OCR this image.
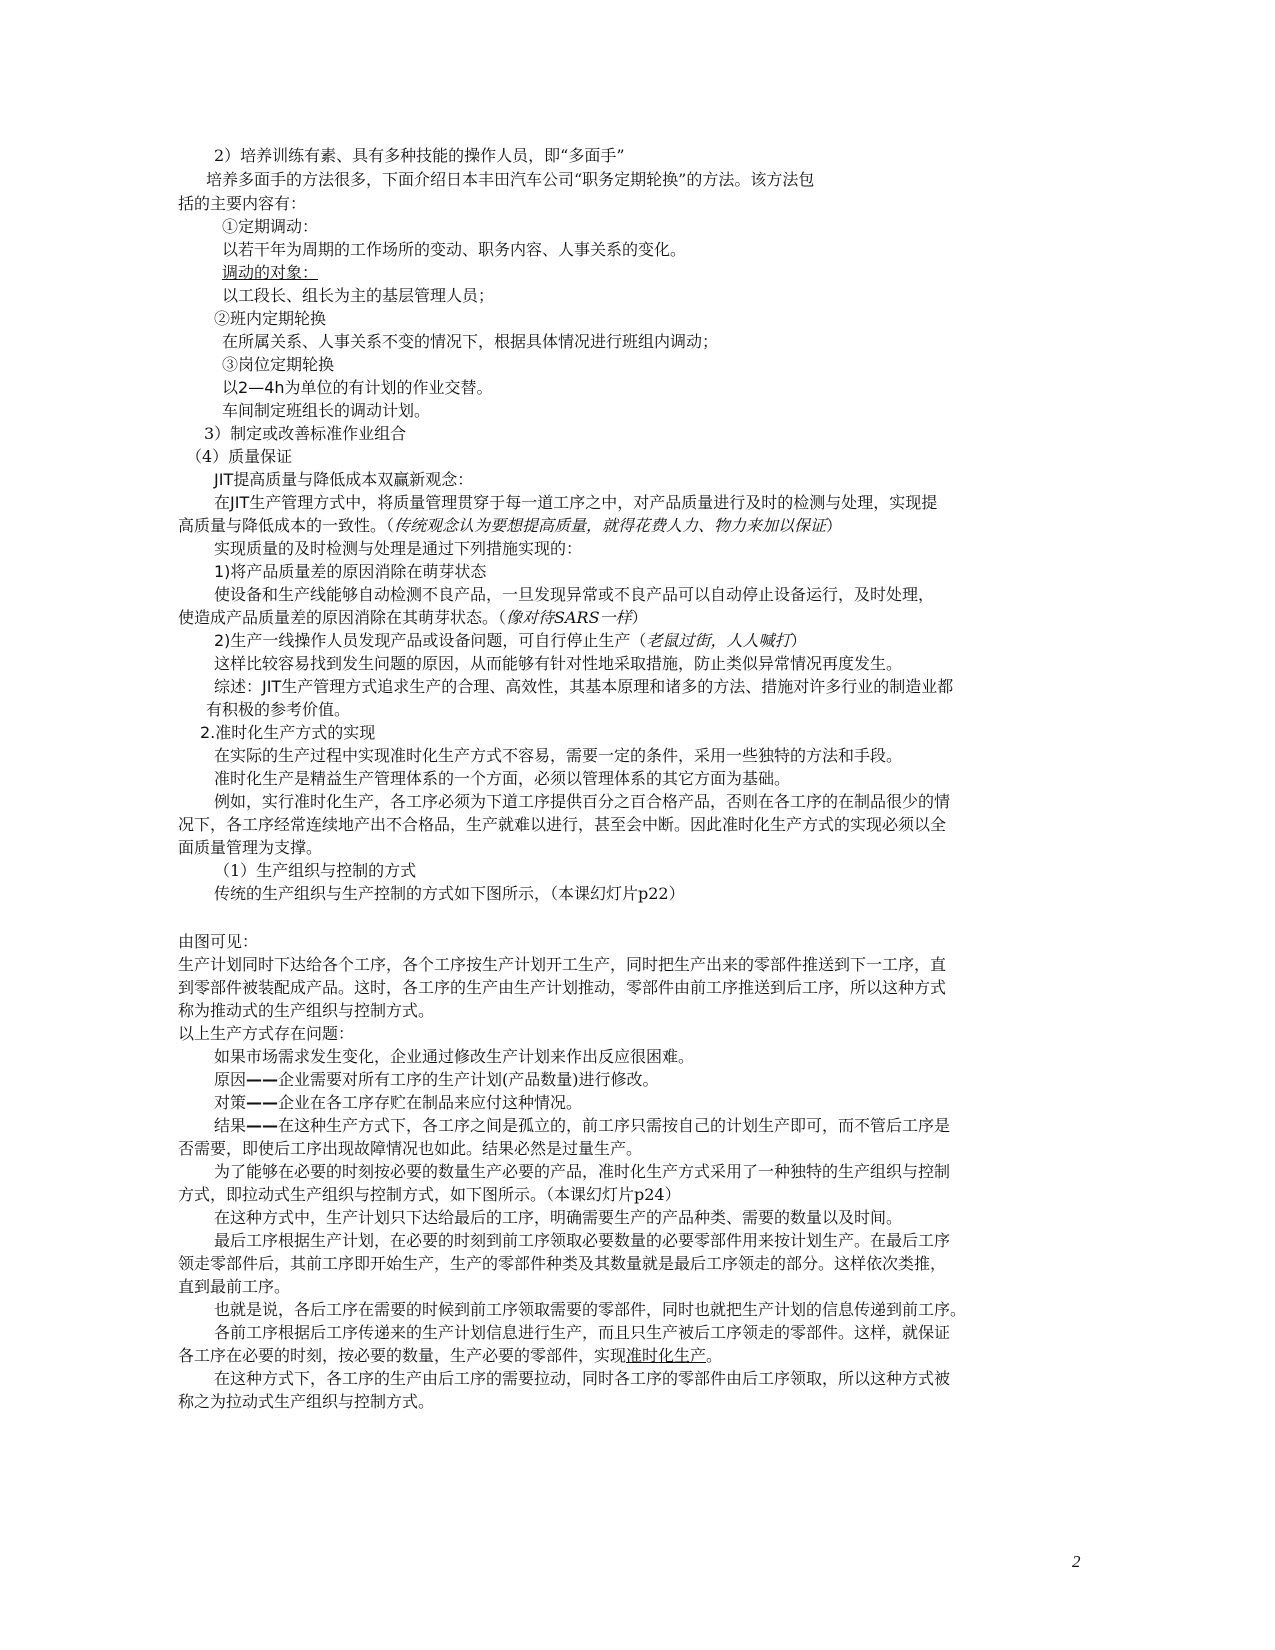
2）培养训练有素、具有多种技能的操作人员，即“多面手”
培养多面手的方法很多，下面介绍日本丰田汽车公司“职务定期轮换”的方法。该方法包
括的主要内容有：
①定期调动：
以若干年为周期的工作场所的变动、职务内容、人事关系的变化。
调动的对象：
以工段长、组长为主的基层管理人员；
②班内定期轮换
在所属关系、人事关系不变的情况下，根据具体情况进行班组内调动；
③岗位定期轮换
以2—4h为单位的有计划的作业交替。
车间制定班组长的调动计划。
3）制定或改善标准作业组合
（4）质量保证
JIT提高质量与降低成本双赢新观念：
在JIT生产管理方式中，将质量管理贯穿于每一道工序之中，对产品质量进行及时的检测与处理，实现提
高质量与降低成本的一致性。（传统观念认为要想提高质量，就得花费人力、物力来加以保证）
实现质量的及时检测与处理是通过下列措施实现的：
1)将产品质量差的原因消除在萌芽状态
使设备和生产线能够自动检测不良产品，一旦发现异常或不良产品可以自动停止设备运行，及时处理，
使造成产品质量差的原因消除在其萌芽状态。（像对待SARS一样）
2)生产一线操作人员发现产品或设备问题，可自行停止生产（老鼠过街，人人喊打）
这样比较容易找到发生问题的原因，从而能够有针对性地采取措施，防止类似异常情况再度发生。
综述：JIT生产管理方式追求生产的合理、高效性，其基本原理和诸多的方法、措施对许多行业的制造业都
有积极的参考价值。
2.准时化生产方式的实现
在实际的生产过程中实现准时化生产方式不容易，需要一定的条件，采用一些独特的方法和手段。
准时化生产是精益生产管理体系的一个方面，必须以管理体系的其它方面为基础。
例如，实行准时化生产，各工序必须为下道工序提供百分之百合格产品，否则在各工序的在制品很少的情
况下，各工序经常连续地产出不合格品，生产就难以进行，甚至会中断。因此准时化生产方式的实现必须以全
面质量管理为支撑。
（1）生产组织与控制的方式
传统的生产组织与生产控制的方式如下图所示，（本课幻灯片p22）
由图可见：
生产计划同时下达给各个工序，各个工序按生产计划开工生产，同时把生产出来的零部件推送到下一工序，直
到零部件被装配成产品。这时，各工序的生产由生产计划推动，零部件由前工序推送到后工序，所以这种方式
称为推动式的生产组织与控制方式。
以上生产方式存在问题：
如果市场需求发生变化，企业通过修改生产计划来作出反应很困难。
原因——企业需要对所有工序的生产计划(产品数量)进行修改。
对策——企业在各工序存贮在制品来应付这种情况。
结果——在这种生产方式下，各工序之间是孤立的，前工序只需按自己的计划生产即可，而不管后工序是
否需要，即使后工序出现故障情况也如此。结果必然是过量生产。
为了能够在必要的时刻按必要的数量生产必要的产品，准时化生产方式采用了一种独特的生产组织与控制
方式，即拉动式生产组织与控制方式，如下图所示。（本课幻灯片p24）
在这种方式中，生产计划只下达给最后的工序，明确需要生产的产品种类、需要的数量以及时间。
最后工序根据生产计划，在必要的时刻到前工序领取必要数量的必要零部件用来按计划生产。在最后工序
领走零部件后，其前工序即开始生产，生产的零部件种类及其数量就是最后工序领走的部分。这样依次类推，
直到最前工序。
也就是说，各后工序在需要的时候到前工序领取需要的零部件，同时也就把生产计划的信息传递到前工序。
各前工序根据后工序传递来的生产计划信息进行生产，而且只生产被后工序领走的零部件。这样，就保证
各工序在必要的时刻，按必要的数量，生产必要的零部件，实现准时化生产。
在这种方式下，各工序的生产由后工序的需要拉动，同时各工序的零部件由后工序领取，所以这种方式被
称之为拉动式生产组织与控制方式。
2
